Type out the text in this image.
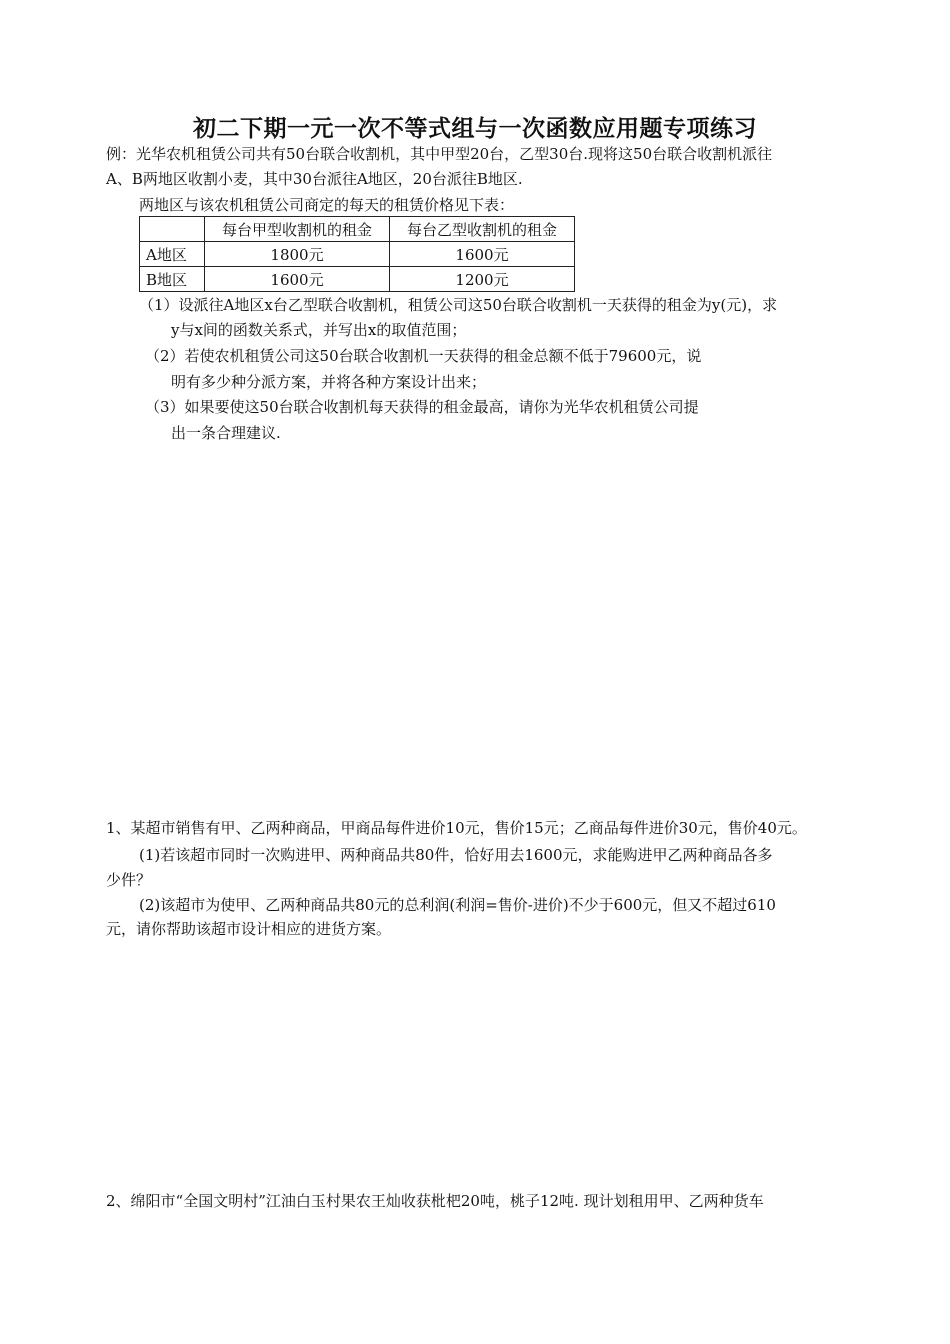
初二下期一元一次不等式组与一次函数应用题专项练习
例：光华农机租赁公司共有50台联合收割机，其中甲型20台，乙型30台.现将这50台联合收割机派往
A、B两地区收割小麦，其中30台派往A地区，20台派往B地区.
两地区与该农机租赁公司商定的每天的租赁价格见下表：
	每台甲型收割机的租金	每台乙型收割机的租金
A地区	1800元	1600元
B地区	1600元	1200元
（1）设派往A地区x台乙型联合收割机，租赁公司这50台联合收割机一天获得的租金为y(元)，求
y与x间的函数关系式，并写出x的取值范围；
（2）若使农机租赁公司这50台联合收割机一天获得的租金总额不低于79600元，说
明有多少种分派方案，并将各种方案设计出来；
（3）如果要使这50台联合收割机每天获得的租金最高，请你为光华农机租赁公司提
出一条合理建议.
1、某超市销售有甲、乙两种商品，甲商品每件进价10元，售价15元；乙商品每件进价30元，售价40元。
(1)若该超市同时一次购进甲、两种商品共80件，恰好用去1600元，求能购进甲乙两种商品各多
少件？
(2)该超市为使甲、乙两种商品共80元的总利润(利润=售价-进价)不少于600元，但又不超过610
元，请你帮助该超市设计相应的进货方案。
2、绵阳市“全国文明村”江油白玉村果农王灿收获枇杷20吨，桃子12吨. 现计划租用甲、乙两种货车
